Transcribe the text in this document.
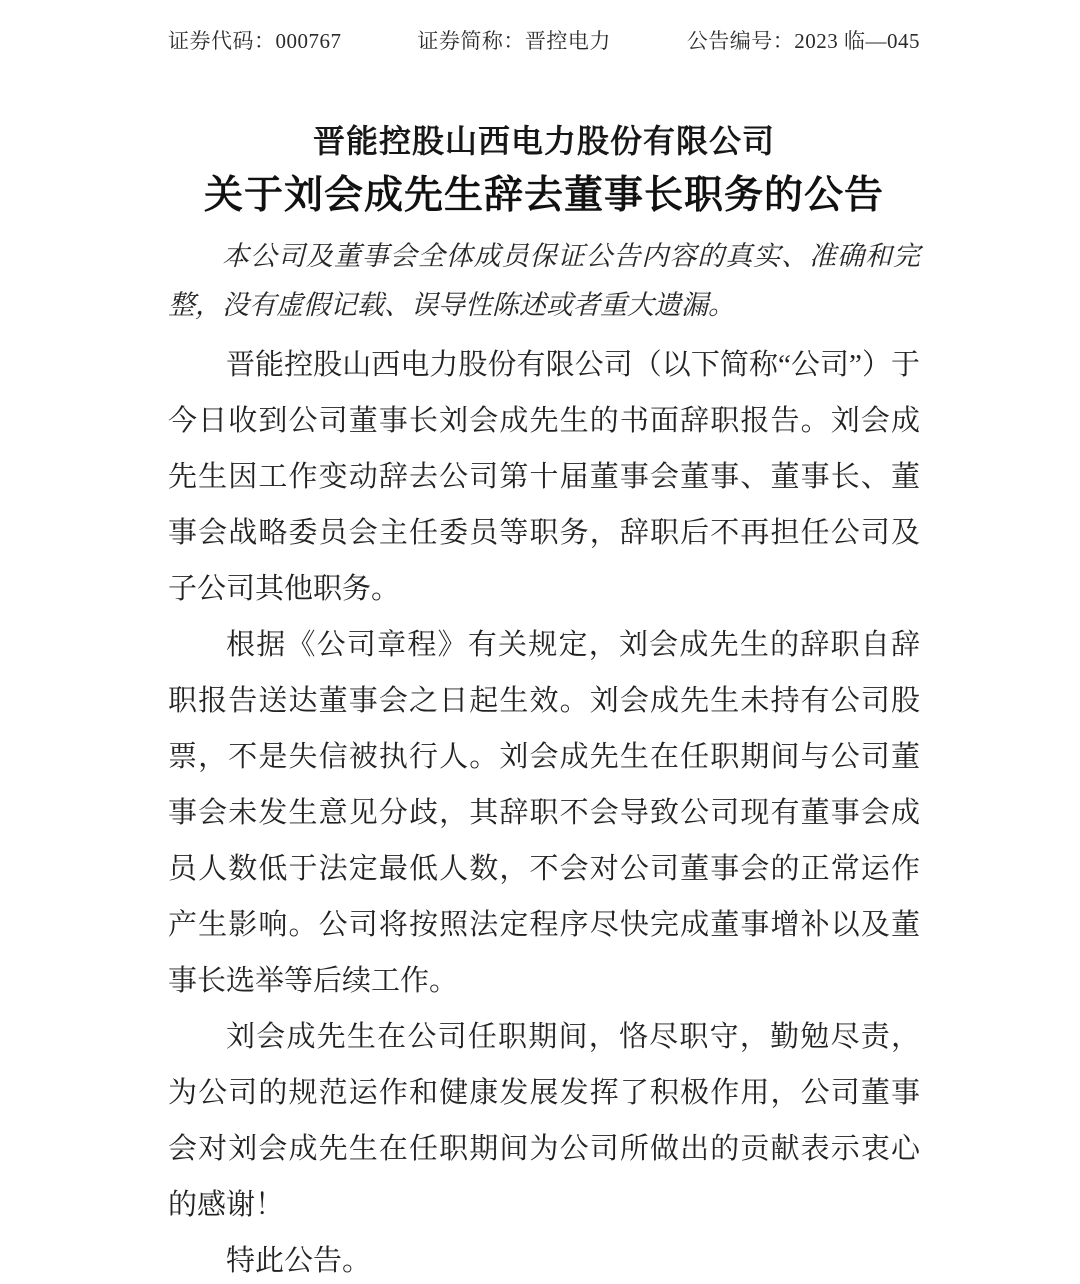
证券代码：000767	证券简称：晋控电力	公告编号：2023 临—045
晋能控股山西电力股份有限公司
关于刘会成先生辞去董事长职务的公告

本公司及董事会全体成员保证公告内容的真实、准确和完整，没有虚假记载、误导性陈述或者重大遗漏。

晋能控股山西电力股份有限公司（以下简称“公司”）于今日收到公司董事长刘会成先生的书面辞职报告。刘会成先生因工作变动辞去公司第十届董事会董事、董事长、董事会战略委员会主任委员等职务，辞职后不再担任公司及子公司其他职务。

根据《公司章程》有关规定，刘会成先生的辞职自辞职报告送达董事会之日起生效。刘会成先生未持有公司股票，不是失信被执行人。刘会成先生在任职期间与公司董事会未发生意见分歧，其辞职不会导致公司现有董事会成员人数低于法定最低人数，不会对公司董事会的正常运作产生影响。公司将按照法定程序尽快完成董事增补以及董事长选举等后续工作。

刘会成先生在公司任职期间，恪尽职守，勤勉尽责，为公司的规范运作和健康发展发挥了积极作用，公司董事会对刘会成先生在任职期间为公司所做出的贡献表示衷心的感谢！

特此公告。
